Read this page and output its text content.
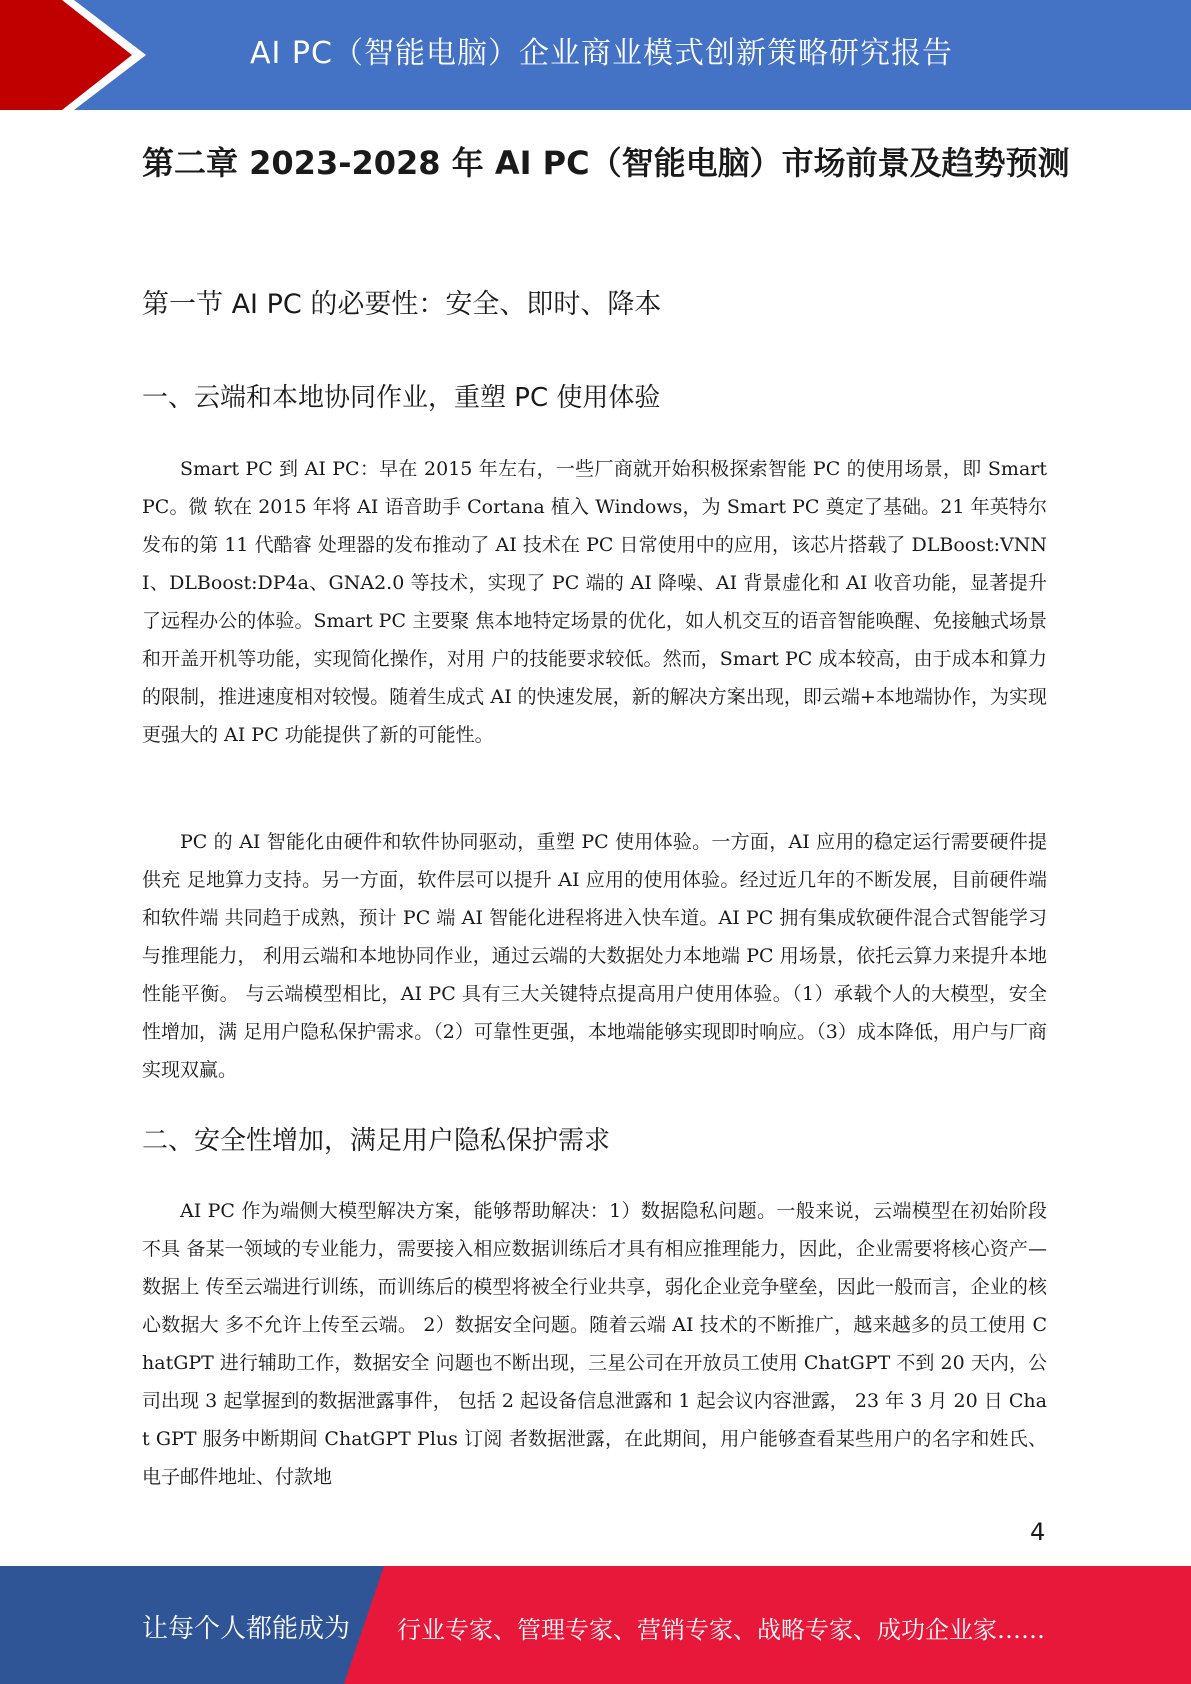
AI PC（智能电脑）企业商业模式创新策略研究报告
第二章 2023-2028 年 AI PC（智能电脑）市场前景及趋势预测
第一节 AI PC 的必要性：安全、即时、降本
一、云端和本地协同作业，重塑 PC 使用体验

Smart PC 到 AI PC：早在 2015 年左右，一些厂商就开始积极探索智能 PC 的使用场景，即 Smart PC。微 软在 2015 年将 AI 语音助手 Cortana 植入 Windows，为 Smart PC 奠定了基础。21 年英特尔发布的第 11 代酷睿 处理器的发布推动了 AI 技术在 PC 日常使用中的应用，该芯片搭载了 DLBoost:VNNI、DLBoost:DP4a、GNA2.0 等技术，实现了 PC 端的 AI 降噪、AI 背景虚化和 AI 收音功能，显著提升了远程办公的体验。Smart PC 主要聚 焦本地特定场景的优化，如人机交互的语音智能唤醒、免接触式场景和开盖开机等功能，实现简化操作，对用 户的技能要求较低。然而，Smart PC 成本较高，由于成本和算力的限制，推进速度相对较慢。随着生成式 AI 的快速发展，新的解决方案出现，即云端+本地端协作，为实现更强大的 AI PC 功能提供了新的可能性。

PC 的 AI 智能化由硬件和软件协同驱动，重塑 PC 使用体验。一方面，AI 应用的稳定运行需要硬件提供充 足地算力支持。另一方面，软件层可以提升 AI 应用的使用体验。经过近几年的不断发展，目前硬件端和软件端 共同趋于成熟，预计 PC 端 AI 智能化进程将进入快车道。AI PC 拥有集成软硬件混合式智能学习与推理能力， 利用云端和本地协同作业，通过云端的大数据处力本地端 PC 用场景，依托云算力来提升本地性能平衡。 与云端模型相比，AI PC 具有三大关键特点提高用户使用体验。（1）承载个人的大模型，安全性增加，满 足用户隐私保护需求。（2）可靠性更强，本地端能够实现即时响应。（3）成本降低，用户与厂商实现双赢。

二、安全性增加，满足用户隐私保护需求

AI PC 作为端侧大模型解决方案，能够帮助解决：1）数据隐私问题。一般来说，云端模型在初始阶段不具 备某一领域的专业能力，需要接入相应数据训练后才具有相应推理能力，因此，企业需要将核心资产—数据上 传至云端进行训练，而训练后的模型将被全行业共享，弱化企业竞争壁垒，因此一般而言，企业的核心数据大 多不允许上传至云端。 2）数据安全问题。随着云端 AI 技术的不断推广，越来越多的员工使用 ChatGPT 进行辅助工作，数据安全 问题也不断出现，三星公司在开放员工使用 ChatGPT 不到 20 天内，公司出现 3 起掌握到的数据泄露事件， 包括 2 起设备信息泄露和 1 起会议内容泄露， 23 年 3 月 20 日 Chat GPT 服务中断期间 ChatGPT Plus 订阅 者数据泄露，在此期间，用户能够查看某些用户的名字和姓氏、电子邮件地址、付款地

4
让每个人都能成为 行业专家、管理专家、营销专家、战略专家、成功企业家……
